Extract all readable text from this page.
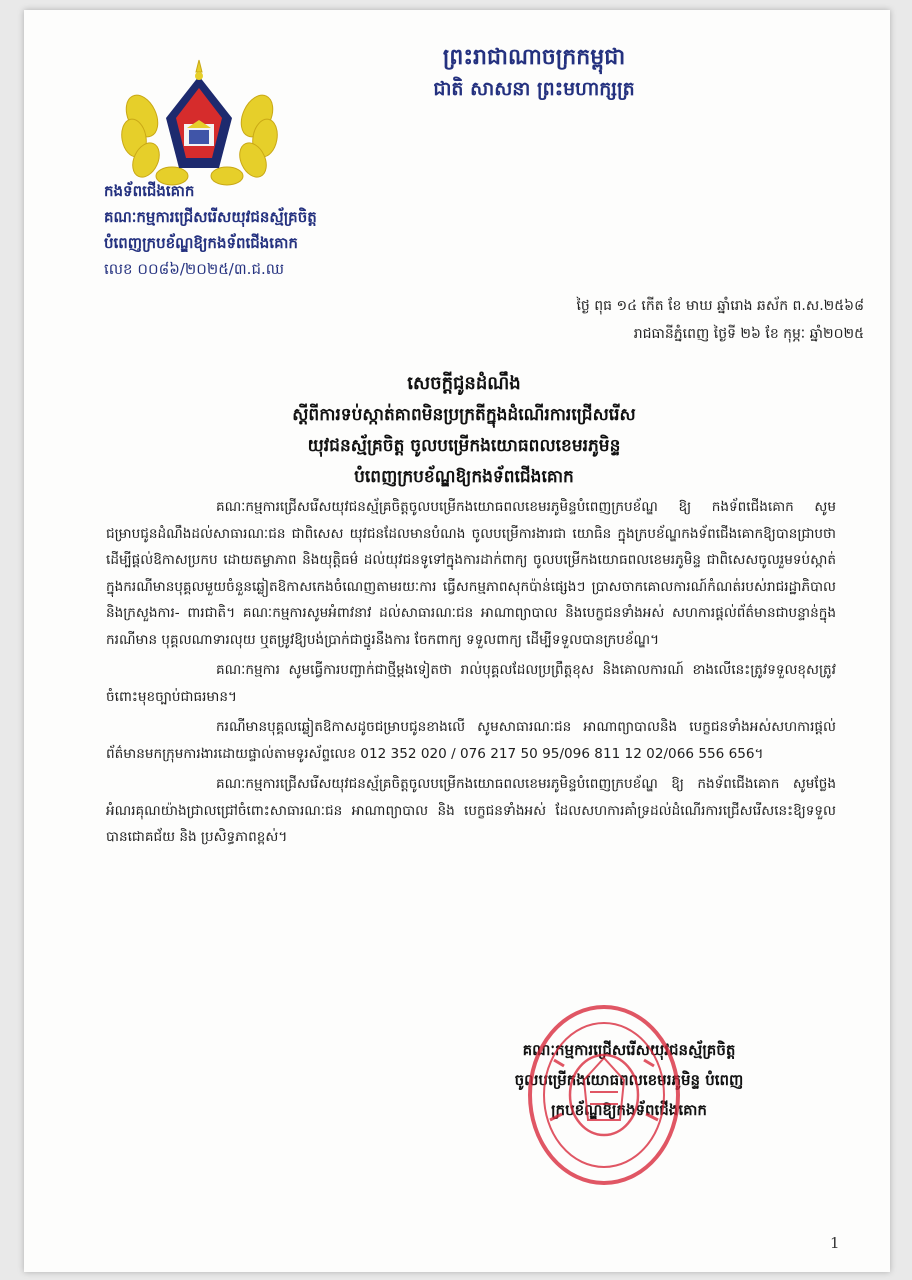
ព្រះរាជាណាចក្រកម្ពុជា
ជាតិ សាសនា ព្រះមហាក្សត្រ
កងទ័ពជើងគោក
គណៈកម្មការជ្រើសរើសយុវជនស្ម័គ្រចិត្ត
បំពេញក្របខ័ណ្ឌឱ្យកងទ័ពជើងគោក
លេខ ០០៨៦/២០២៥/៣.ជ.ឈ
ថ្ងៃ ពុធ ១៤ កើត ខែ មាឃ ឆ្នាំរោង ឆស័ក ព.ស.២៥៦៨
រាជធានីភ្នំពេញ ថ្ងៃទី ២៦ ខែ កុម្ភៈ ឆ្នាំ២០២៥
សេចក្តីជូនដំណឹង
ស្តីពីការទប់ស្កាត់គាពមិនប្រក្រតីក្នុងដំណើរការជ្រើសរើស
យុវជនស្ម័គ្រចិត្ត ចូលបម្រើកងយោធពលខេមរភូមិន្ទ
បំពេញក្របខ័ណ្ឌឱ្យកងទ័ពជើងគោក

គណៈកម្មការជ្រើសរើសយុវជនស្ម័គ្រចិត្តចូលបម្រើកងយោធពលខេមរភូមិន្ទបំពេញក្របខ័ណ្ឌ ឱ្យ កងទ័ពជើងគោក សូមជម្រាបជូនដំណឹងដល់សាធារណៈជន ជាពិសេស យុវជនដែលមានបំណង ចូលបម្រើការងារជា យោធិន ក្នុងក្របខ័ណ្ឌកងទ័ពជើងគោកឱ្យបានជ្រាបថា ដើម្បីផ្តល់ឱកាសប្រកប ដោយតម្លាភាព និងយុត្តិធម៌ ដល់យុវជនទូទៅក្នុងការដាក់ពាក្យ ចូលបម្រើកងយោធពលខេមរភូមិន្ទ ជាពិសេសចូលរួមទប់ស្កាត់ ក្នុងករណីមានបុគ្គលមួយចំនួនឆ្លៀតឱកាសកេងចំណេញតាមរយៈការ ធ្វើសកម្មភាពសុកប៉ាន់ផ្សេងៗ ប្រាសចាកគោលការណ៍កំណត់របស់រាជរដ្ឋាភិបាល និងក្រសួងការ- ពារជាតិ។ គណៈកម្មការសូមអំពាវនាវ ដល់សាធារណៈជន អាណាព្យាបាល និងបេក្ខជនទាំងអស់ សហការផ្តល់ព័ត៌មានជាបន្ទាន់ក្នុង ករណីមាន បុគ្គលណាទារលុយ ឬតម្រូវឱ្យបង់ប្រាក់ជាថ្នូរនឹងការ ចែកពាក្យ ទទួលពាក្យ ដើម្បីទទួលបានក្របខ័ណ្ឌ។

គណៈកម្មការ សូមធ្វើការបញ្ជាក់ជាថ្មីម្តងទៀតថា រាល់បុគ្គលដែលប្រព្រឹត្តខុស និងគោលការណ៍ ខាងលើនេះត្រូវទទួលខុសត្រូវ ចំពោះមុខច្បាប់ជាធរមាន។

ករណីមានបុគ្គលឆ្លៀតឱកាសដូចជម្រាបជូនខាងលើ សូមសាធារណៈជន អាណាព្យាបាលនិង បេក្ខជនទាំងអស់សហការផ្តល់ព័ត៌មានមកក្រុមការងារដោយផ្ទាល់តាមទូរស័ព្ទលេខ 012 352 020 / 076 217 50 95/096 811 12 02/066 556 656។

គណៈកម្មការជ្រើសរើសយុវជនស្ម័គ្រចិត្តចូលបម្រើកងយោធពលខេមរភូមិន្ទបំពេញក្របខ័ណ្ឌ ឱ្យ កងទ័ពជើងគោក សូមថ្លែងអំណរគុណយ៉ាងជ្រាលជ្រៅចំពោះសាធារណៈជន អាណាព្យាបាល និង បេក្ខជនទាំងអស់ ដែលសហការគាំទ្រដល់ដំណើរការជ្រើសរើសនេះឱ្យទទួលបានជោគជ័យ និង ប្រសិទ្ធភាពខ្ពស់។

គណៈកម្មការជ្រើសរើសយុវជនស្ម័គ្រចិត្ត
ចូលបម្រើកងយោធពលខេមរភូមិន្ទ បំពេញ
ក្របខ័ណ្ឌឱ្យកងទ័ពជើងគោក
1
